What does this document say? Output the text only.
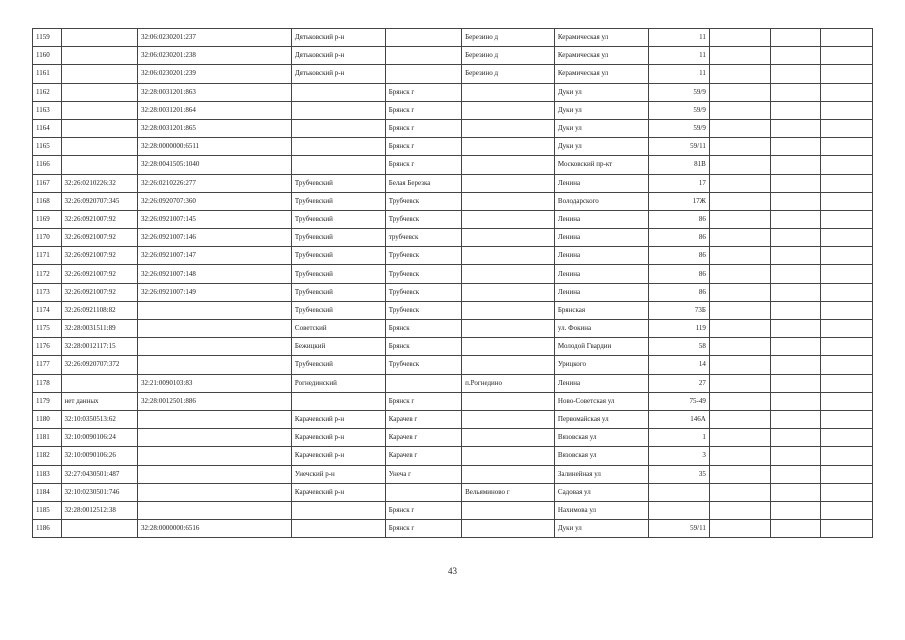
1159		32:06:0230201:237	Дятьковский р-н		Березино д	Керамическая ул	11			
1160		32:06:0230201:238	Дятьковский р-н		Березино д	Керамическая ул	11			
1161		32:06:0230201:239	Дятьковский р-н		Березино д	Керамическая ул	11			
1162		32:28:0031201:863		Брянск г		Дуки ул	59/9			
1163		32:28:0031201:864		Брянск г		Дуки ул	59/9			
1164		32:28:0031201:865		Брянск г		Дуки ул	59/9			
1165		32:28:0000000:6511		Брянск г		Дуки ул	59/11			
1166		32:28:0041505:1040		Брянск г		Московский пр-кт	81В			
1167	32:26:0210226:32	32:26:0210226:277	Трубчевский	Белая Березка		Ленина	17			
1168	32:26:0920707:345	32:26:0920707:360	Трубчевский	Трубчевск		Володарского	17Ж			
1169	32:26:0921007:92	32:26:0921007:145	Трубчевский	Трубчевск		Ленина	86			
1170	32:26:0921007:92	32:26:0921007:146	Трубчевский	трубчевск		Ленина	86			
1171	32:26:0921007:92	32:26:0921007:147	Трубчевский	Трубчевск		Ленина	86			
1172	32:26:0921007:92	32:26:0921007:148	Трубчевский	Трубчевск		Ленина	86			
1173	32:26:0921007:92	32:26:0921007:149	Трубчевский	Трубчевск		Ленина	86			
1174	32:26:0921108:82		Трубчевский	Трубчевск		Брянская	73Б			
1175	32:28:0031511:89		Советский	Брянск		ул. Фокина	119			
1176	32:28:0012117:15		Бежицкий	Брянск		Молодой Гвардии	58			
1177	32:26:0920707:372		Трубчевский	Трубчевск		Урицкого	14			
1178		32:21:0090103:83	Рогнединский		п.Рогнедино	Ленина	27			
1179	нет данных	32:28:0012501:886		Брянск г		Ново-Советская ул	75-49			
1180	32:10:0350513:62		Карачевский р-н	Карачев г		Первомайская ул	146А			
1181	32:10:0090106:24		Карачевский р-н	Карачев г		Вязовская ул	1			
1182	32:10:0090106:26		Карачевский р-н	Карачев г		Вязовская ул	3			
1183	32:27:0430501:487		Унечский р-н	Унеча г		Залинейная ул	35			
1184	32:10:0230501:746		Карачевский р-н		Вельяминово г	Садовая ул				
1185	32:28:0012512:38			Брянск г		Нахимова ул				
1186		32:28:0000000:6516		Брянск г		Дуки ул	59/11			
43
